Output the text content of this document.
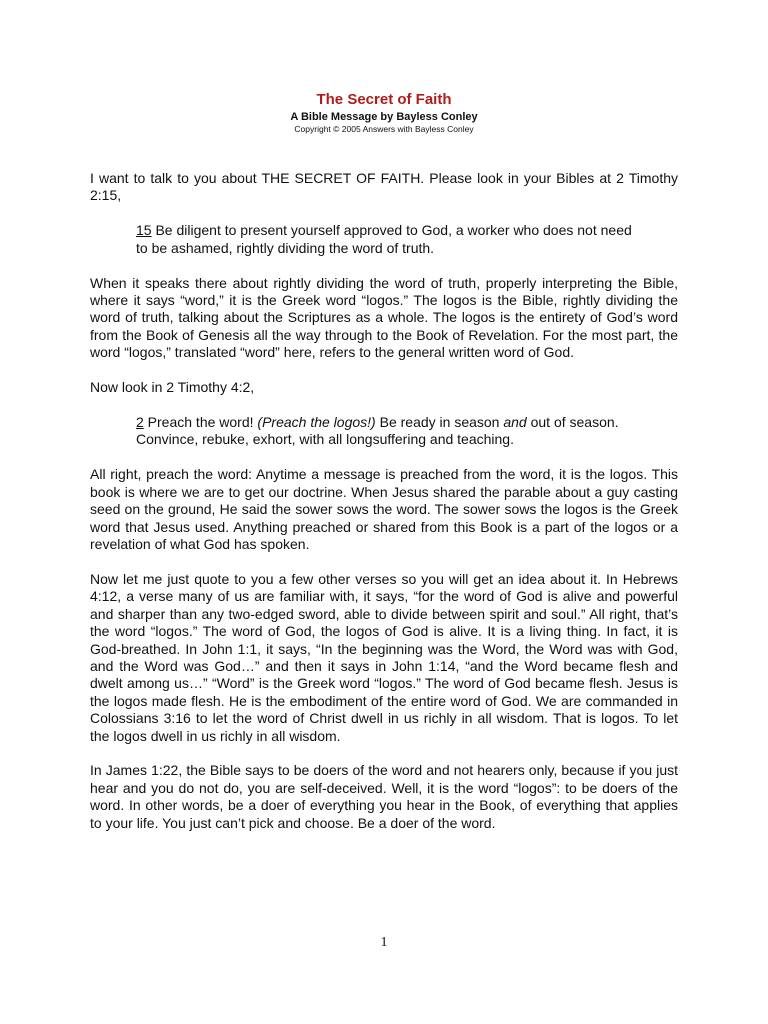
The Secret of Faith

A Bible Message by Bayless Conley

Copyright © 2005 Answers with Bayless Conley

I want to talk to you about THE SECRET OF FAITH. Please look in your Bibles at 2 Timothy 2:15,

15 Be diligent to present yourself approved to God, a worker who does not need to be ashamed, rightly dividing the word of truth.

When it speaks there about rightly dividing the word of truth, properly interpreting the Bible, where it says “word,” it is the Greek word “logos.” The logos is the Bible, rightly dividing the word of truth, talking about the Scriptures as a whole. The logos is the entirety of God’s word from the Book of Genesis all the way through to the Book of Revelation. For the most part, the word “logos,” translated “word” here, refers to the general written word of God.

Now look in 2 Timothy 4:2,

2 Preach the word! (Preach the logos!) Be ready in season and out of season. Convince, rebuke, exhort, with all longsuffering and teaching.

All right, preach the word: Anytime a message is preached from the word, it is the logos. This book is where we are to get our doctrine. When Jesus shared the parable about a guy casting seed on the ground, He said the sower sows the word. The sower sows the logos is the Greek word that Jesus used. Anything preached or shared from this Book is a part of the logos or a revelation of what God has spoken.

Now let me just quote to you a few other verses so you will get an idea about it. In Hebrews 4:12, a verse many of us are familiar with, it says, “for the word of God is alive and powerful and sharper than any two-edged sword, able to divide between spirit and soul.” All right, that’s the word “logos.” The word of God, the logos of God is alive. It is a living thing. In fact, it is God-breathed. In John 1:1, it says, “In the beginning was the Word, the Word was with God, and the Word was God…” and then it says in John 1:14, “and the Word became flesh and dwelt among us…” “Word” is the Greek word “logos.” The word of God became flesh. Jesus is the logos made flesh. He is the embodiment of the entire word of God. We are commanded in Colossians 3:16 to let the word of Christ dwell in us richly in all wisdom. That is logos. To let the logos dwell in us richly in all wisdom.

In James 1:22, the Bible says to be doers of the word and not hearers only, because if you just hear and you do not do, you are self-deceived. Well, it is the word “logos”: to be doers of the word. In other words, be a doer of everything you hear in the Book, of everything that applies to your life. You just can’t pick and choose. Be a doer of the word.

1
